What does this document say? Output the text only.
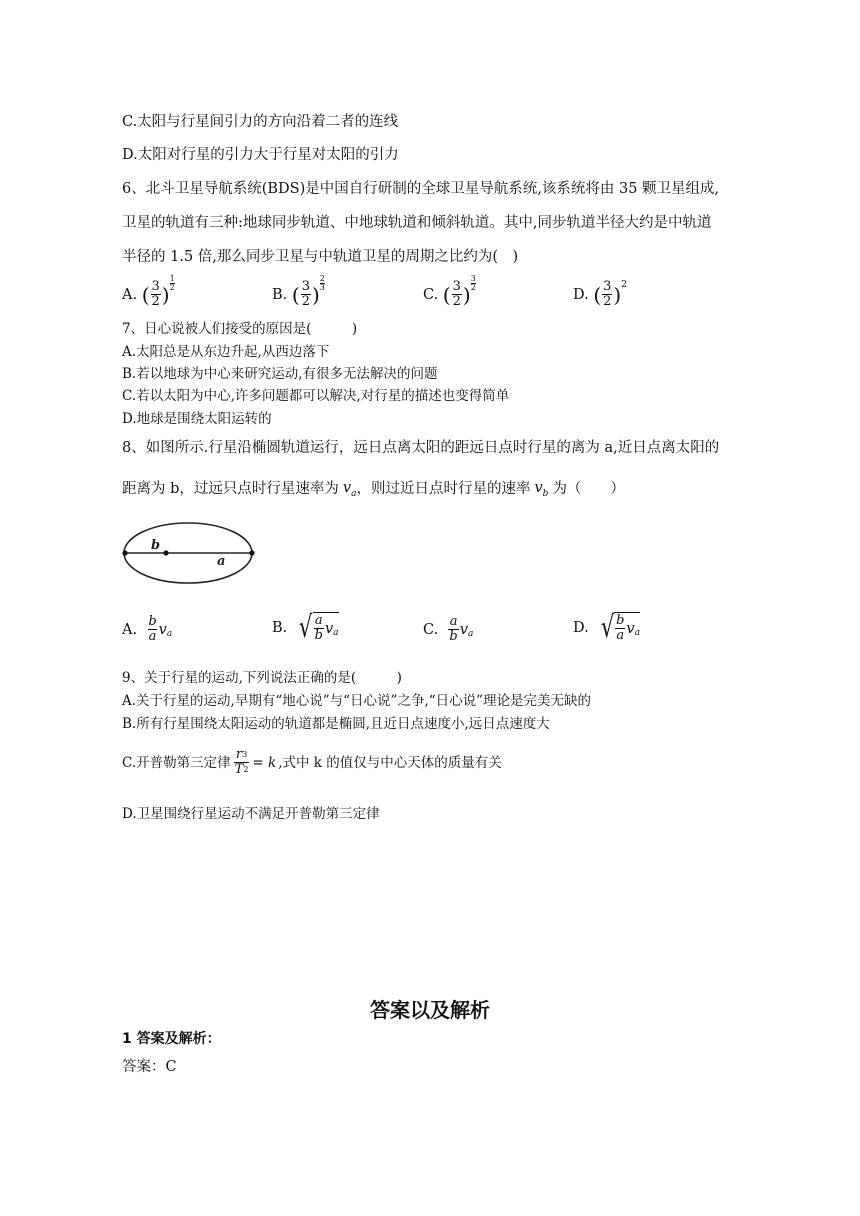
C.太阳与行星间引力的方向沿着二者的连线
D.太阳对行星的引力大于行星对太阳的引力
6、北斗卫星导航系统(BDS)是中国自行研制的全球卫星导航系统,该系统将由 35 颗卫星组成,
卫星的轨道有三种:地球同步轨道、中地球轨道和倾斜轨道。其中,同步轨道半径大约是中轨道
半径的 1.5 倍,那么同步卫星与中轨道卫星的周期之比约为(　)
A.
( $\frac{3}{2}$ ) $\frac{1}{2}$
B.
( $\frac{3}{2}$ ) $\frac{2}{3}$
C.
( $\frac{3}{2}$ ) $\frac{3}{2}$
D.
( $\frac{3}{2}$ ) 2
7、日心说被人们接受的原因是(　　　)
A.太阳总是从东边升起,从西边落下
B.若以地球为中心来研究运动,有很多无法解决的问题
C.若以太阳为中心,许多问题都可以解决,对行星的描述也变得简单
D.地球是围绕太阳运转的
8、如图所示.行星沿椭圆轨道运行，远日点离太阳的距远日点时行星的离为 a,近日点离太阳的
距离为 b，过远只点时行星速率为 $v_a$ ，则过近日点时行星的速率 $v_b$ 为（　　）
b
a
A.
$\frac{b}{a}$ v a	B.
√ $\frac{a}{b}$ v a	C.
$\frac{a}{b}$ v a	D.
√ $\frac{b}{a}$ v a
9、关于行星的运动,下列说法正确的是(　　　)
A.关于行星的运动,早期有“地心说”与“日心说”之争,“日心说”理论是完美无缺的
B.所有行星围绕太阳运动的轨道都是椭圆,且近日点速度小,远日点速度大
C.开普勒第三定律 $\frac{r^3}{T^2} = k$ ,式中 k 的值仅与中心天体的质量有关
D.卫星围绕行星运动不满足开普勒第三定律
答案以及解析
1 答案及解析：
答案：C
